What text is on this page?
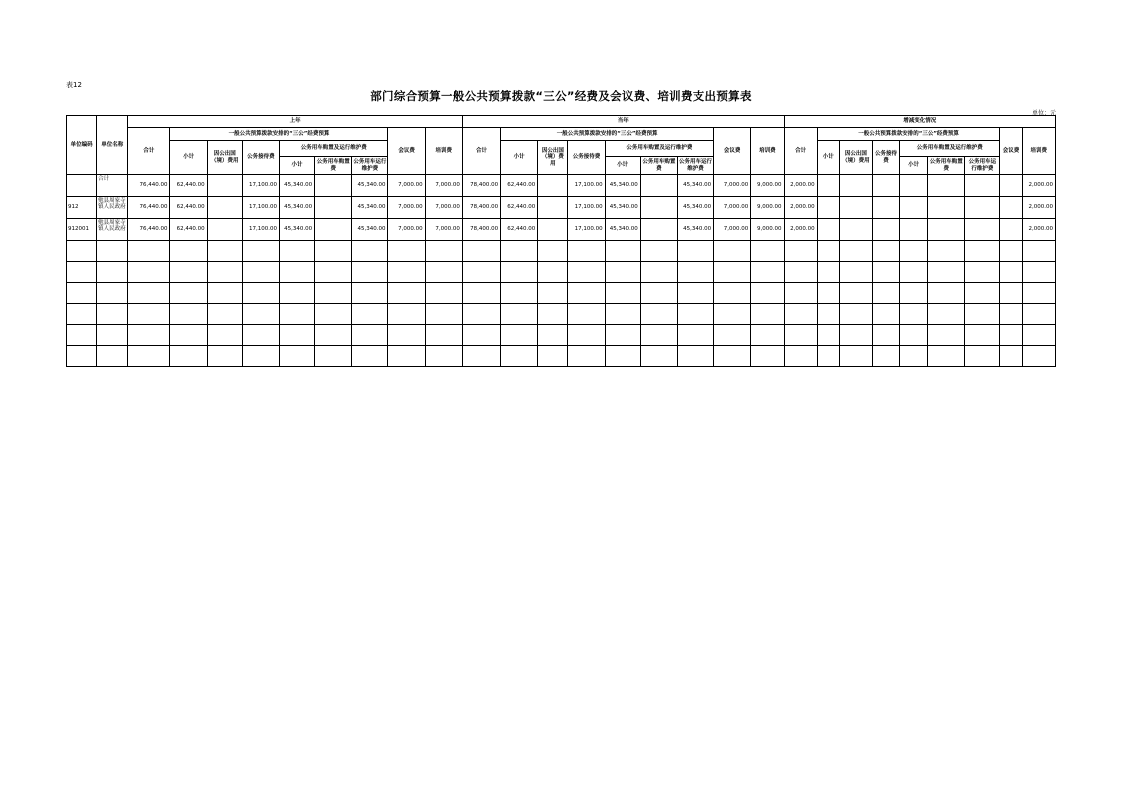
表12
部门综合预算一般公共预算拨款“三公”经费及会议费、培训费支出预算表
单位：元
单位编码	单位名称	上年									当年									增减变化情况								
		合计	一般公共预算拨款安排的“三公”经费预算						会议费	培训费	合计	一般公共预算拨款安排的“三公”经费预算						会议费	培训费	合计	一般公共预算拨款安排的“三公”经费预算						会议费	培训费
			小计	因公出国（境）费用	公务接待费	公务用车购置及运行维护费						小计	因公出国（境）费用	公务接待费	公务用车购置及运行维护费						小计	因公出国（境）费用	公务接待费	公务用车购置及运行维护费				
						小计	公务用车购置费	公务用车运行维护费							小计	公务用车购置费	公务用车运行维护费							小计	公务用车购置费	公务用车运行维护费		
	合计	76,440.00	62,440.00		17,100.00	45,340.00		45,340.00	7,000.00	7,000.00	78,400.00	62,440.00		17,100.00	45,340.00		45,340.00	7,000.00	9,000.00	2,000.00								2,000.00
912	勉县周家寺镇人民政府	76,440.00	62,440.00		17,100.00	45,340.00		45,340.00	7,000.00	7,000.00	78,400.00	62,440.00		17,100.00	45,340.00		45,340.00	7,000.00	9,000.00	2,000.00								2,000.00
912001	勉县周家寺镇人民政府	76,440.00	62,440.00		17,100.00	45,340.00		45,340.00	7,000.00	7,000.00	78,400.00	62,440.00		17,100.00	45,340.00		45,340.00	7,000.00	9,000.00	2,000.00								2,000.00
